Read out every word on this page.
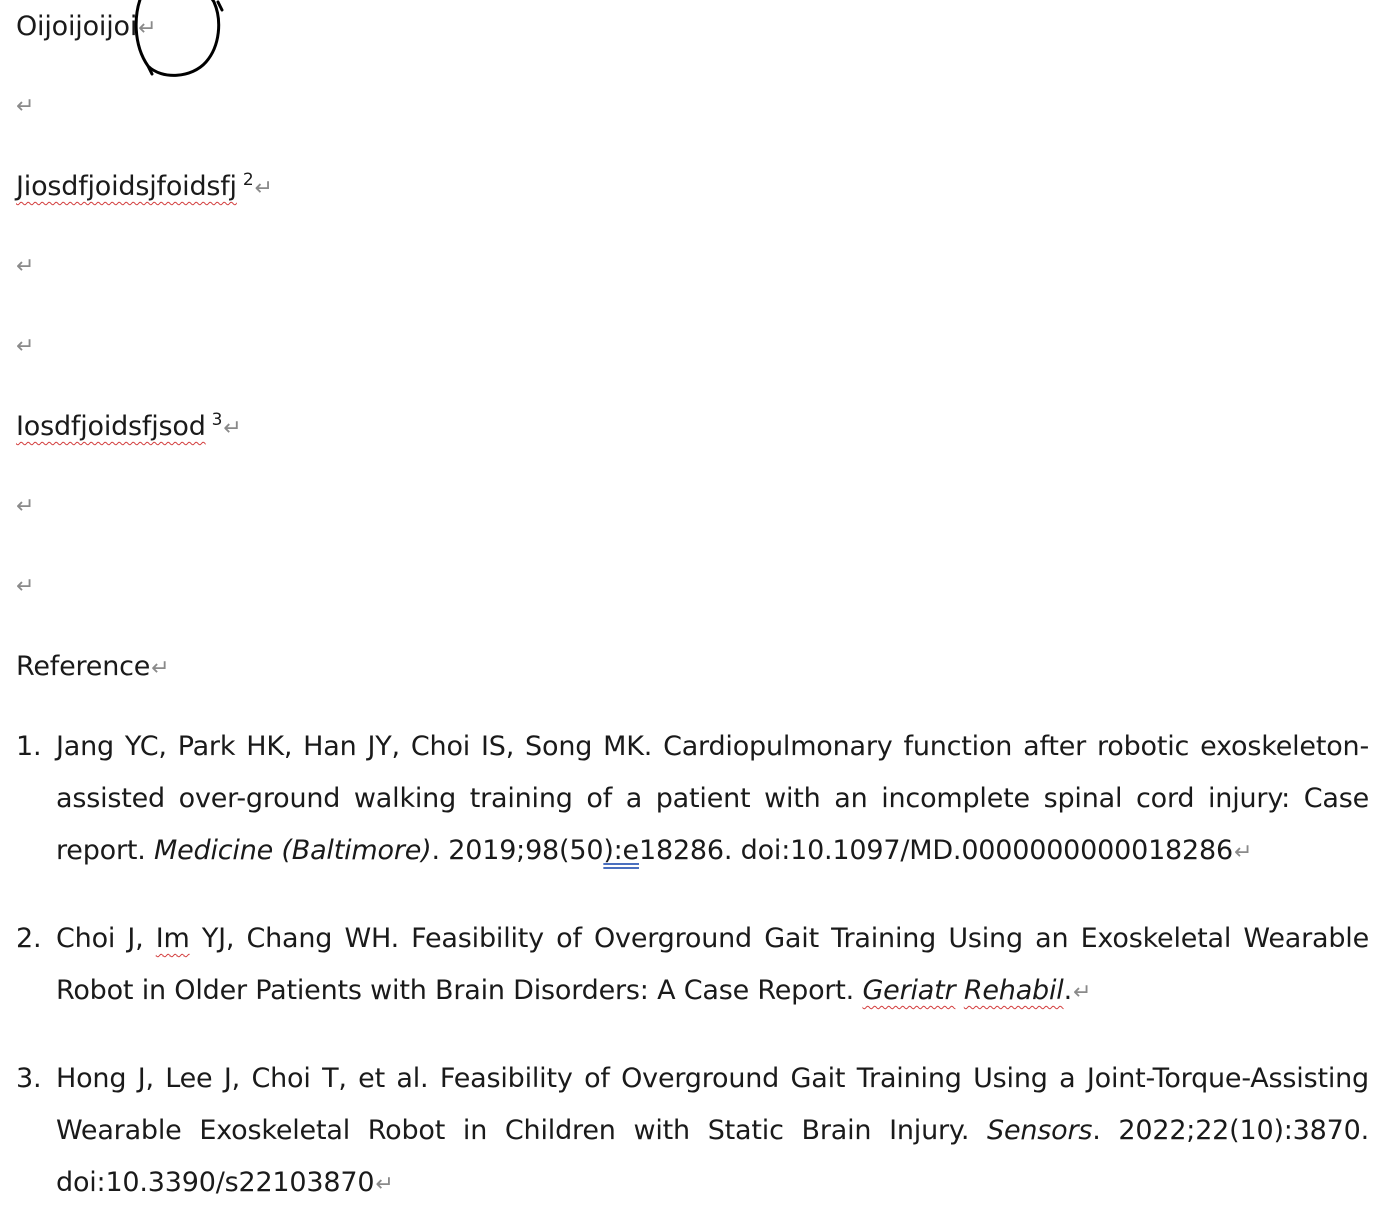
Oijoijoijoi↵
↵
Jiosdfjoidsjfoidsfj $^2$↵
↵
↵
Iosdfjoidsfjsod $^3$↵
↵
↵
Reference↵
1. Jang YC, Park HK, Han JY, Choi IS, Song MK. Cardiopulmonary function after robotic exoskeleton-assisted over-ground walking training of a patient with an incomplete spinal cord injury: Case report. Medicine (Baltimore). 2019;98(50):e18286. doi:10.1097/MD.0000000000018286↵
2. Choi J, Im YJ, Chang WH. Feasibility of Overground Gait Training Using an Exoskeletal Wearable Robot in Older Patients with Brain Disorders: A Case Report. Geriatr Rehabil.↵
3. Hong J, Lee J, Choi T, et al. Feasibility of Overground Gait Training Using a Joint-Torque-Assisting Wearable Exoskeletal Robot in Children with Static Brain Injury. Sensors. 2022;22(10):3870. doi:10.3390/s22103870↵
